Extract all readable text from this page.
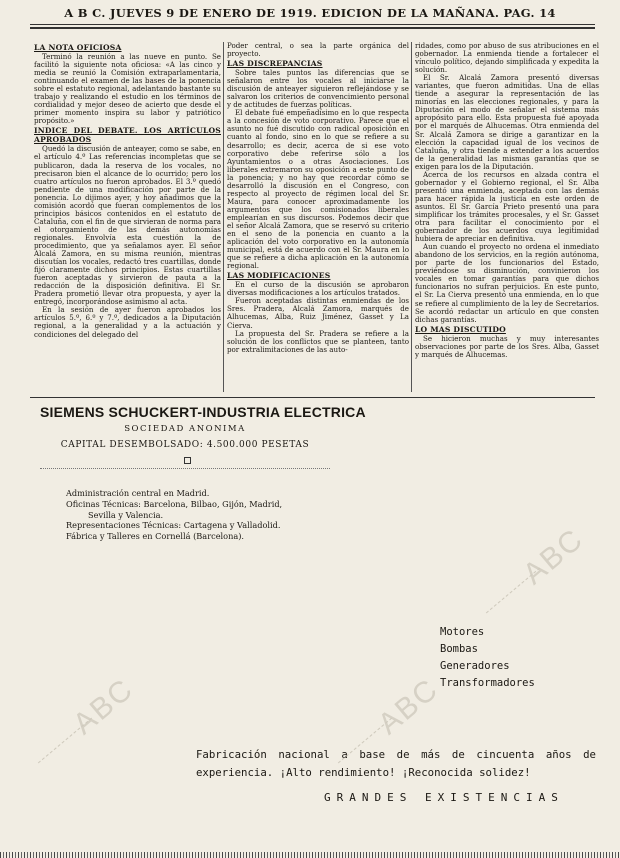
A B C. JUEVES 9 DE ENERO DE 1919. EDICION DE LA MAÑANA. PAG. 14
LA NOTA OFICIOSA

Terminó la reunión a las nueve en punto. Se facilitó la siguiente nota oficiosa: «A las cinco y media se reunió la Comisión extraparlamentaria, continuando el examen de las bases de la ponencia sobre el estatuto regional, adelantando bastante su trabajo y realizando el estudio en los términos de cordialidad y mejor deseo de acierto que desde el primer momento inspira su labor y patriótico propósito.»

INDICE DEL DEBATE. LOS ARTÍCULOS APROBADOS

Quedó la discusión de anteayer, como se sabe, en el artículo 4.º Las referencias incompletas que se publicaron, dada la reserva de los vocales, no precisaron bien el alcance de lo ocurrido; pero los cuatro artículos no fueron aprobados. El 3.º quedó pendiente de una modificación por parte de la ponencia. Lo dijimos ayer, y hoy añadimos que la comisión acordó que fueran complementos de los principios básicos contenidos en el estatuto de Cataluña, con el fin de que sirvieran de norma para el otorgamiento de las demás autonomías regionales. Envolvía esta cuestión la de procedimiento, que ya señalamos ayer. El señor Alcalá Zamora, en su misma reunión, mientras discutían los vocales, redactó tres cuartillas, donde fijó claramente dichos principios. Estas cuartillas fueron aceptadas y sirvieron de pauta a la redacción de la disposición definitiva. El Sr. Pradera prometió llevar otra propuesta, y ayer la entregó, incorporándose asimismo al acta.

En la sesión de ayer fueron aprobados los artículos 5.º, 6.º y 7.º, dedicados a la Diputación regional, a la generalidad y a la actuación y condiciones del delegado del

Poder central, o sea la parte orgánica del proyecto.

LAS DISCREPANCIAS

Sobre tales puntos las diferencias que se señalaron entre los vocales al iniciarse la discusión de anteayer siguieron reflejándose y se salvaron los criterios de convencimiento personal y de actitudes de fuerzas políticas.

El debate fué empeñadísimo en lo que respecta a la concesión de voto corporativo. Parece que el asunto no fué discutido con radical oposición en cuanto al fondo, sino en lo que se refiere a su desarrollo; es decir, acerca de si ese voto corporativo debe referirse sólo a los Ayuntamientos o a otras Asociaciones. Los liberales extremaron su oposición a este punto de la ponencia; y no hay que recordar cómo se desarrolló la discusión en el Congreso, con respecto al proyecto de régimen local del Sr. Maura, para conocer aproximadamente los argumentos que los comisionados liberales emplearían en sus discursos. Podemos decir que el señor Alcalá Zamora, que se reservó su criterio en el seno de la ponencia en cuanto a la aplicación del voto corporativo en la autonomía municipal, está de acuerdo con el Sr. Maura en lo que se refiere a dicha aplicación en la autonomía regional.

LAS MODIFICACIONES

En el curso de la discusión se aprobaron diversas modificaciones a los artículos tratados.

Fueron aceptadas distintas enmiendas de los Sres. Pradera, Alcalá Zamora, marqués de Alhucemas, Alba, Ruiz Jiménez, Gasset y La Cierva.

La propuesta del Sr. Pradera se refiere a la solución de los conflictos que se planteen, tanto por extralimitaciones de las auto-

ridades, como por abuso de sus atribuciones en el gobernador. La enmienda tiende a fortalecer el vínculo político, dejando simplificada y expedita la solución.

El Sr. Alcalá Zamora presentó diversas variantes, que fueron admitidas. Una de ellas tiende a asegurar la representación de las minorías en las elecciones regionales, y para la Diputación el modo de señalar el sistema más apropósito para ello. Esta propuesta fué apoyada por el marqués de Alhucemas. Otra enmienda del Sr. Alcalá Zamora se dirige a garantizar en la elección la capacidad igual de los vecinos de Cataluña, y otra tiende a extender a los acuerdos de la generalidad las mismas garantías que se exigen para los de la Diputación.

Acerca de los recursos en alzada contra el gobernador y el Gobierno regional, el Sr. Alba presentó una enmienda, aceptada con las demás para hacer rápida la justicia en este orden de asuntos. El Sr. García Prieto presentó una para simplificar los trámites procesales, y el Sr. Gasset otra para facilitar el conocimiento por el gobernador de los acuerdos cuya legitimidad hubiera de apreciar en definitiva.

Aun cuando el proyecto no ordena el inmediato abandono de los servicios, en la región autónoma, por parte de los funcionarios del Estado, previéndose su disminución, convinieron los vocales en tomar garantías para que dichos funcionarios no sufran perjuicios. En este punto, el Sr. La Cierva presentó una enmienda, en lo que se refiere al cumplimiento de la ley de Secretarios. Se acordó redactar un artículo en que consten dichas garantías.

LO MAS DISCUTIDO

Se hicieron muchas y muy interesantes observaciones por parte de los Sres. Alba, Gasset y marqués de Alhucemas.

SIEMENS SCHUCKERT-INDUSTRIA ELECTRICA
SOCIEDAD ANONIMA
CAPITAL DESEMBOLSADO: 4.500.000 PESETAS
Administración central en Madrid.
Oficinas Técnicas: Barcelona, Bilbao, Gijón, Madrid,
Sevilla y Valencia.
Representaciones Técnicas: Cartagena y Valladolid.
Fábrica y Talleres en Cornellá (Barcelona).
Motores
Bombas
Generadores
Transformadores
Fabricación nacional a base de más de cincuenta años de experiencia. ¡Alto rendimiento! ¡Reconocida solidez!
GRANDES EXISTENCIAS
ABC
ABC
ABC
